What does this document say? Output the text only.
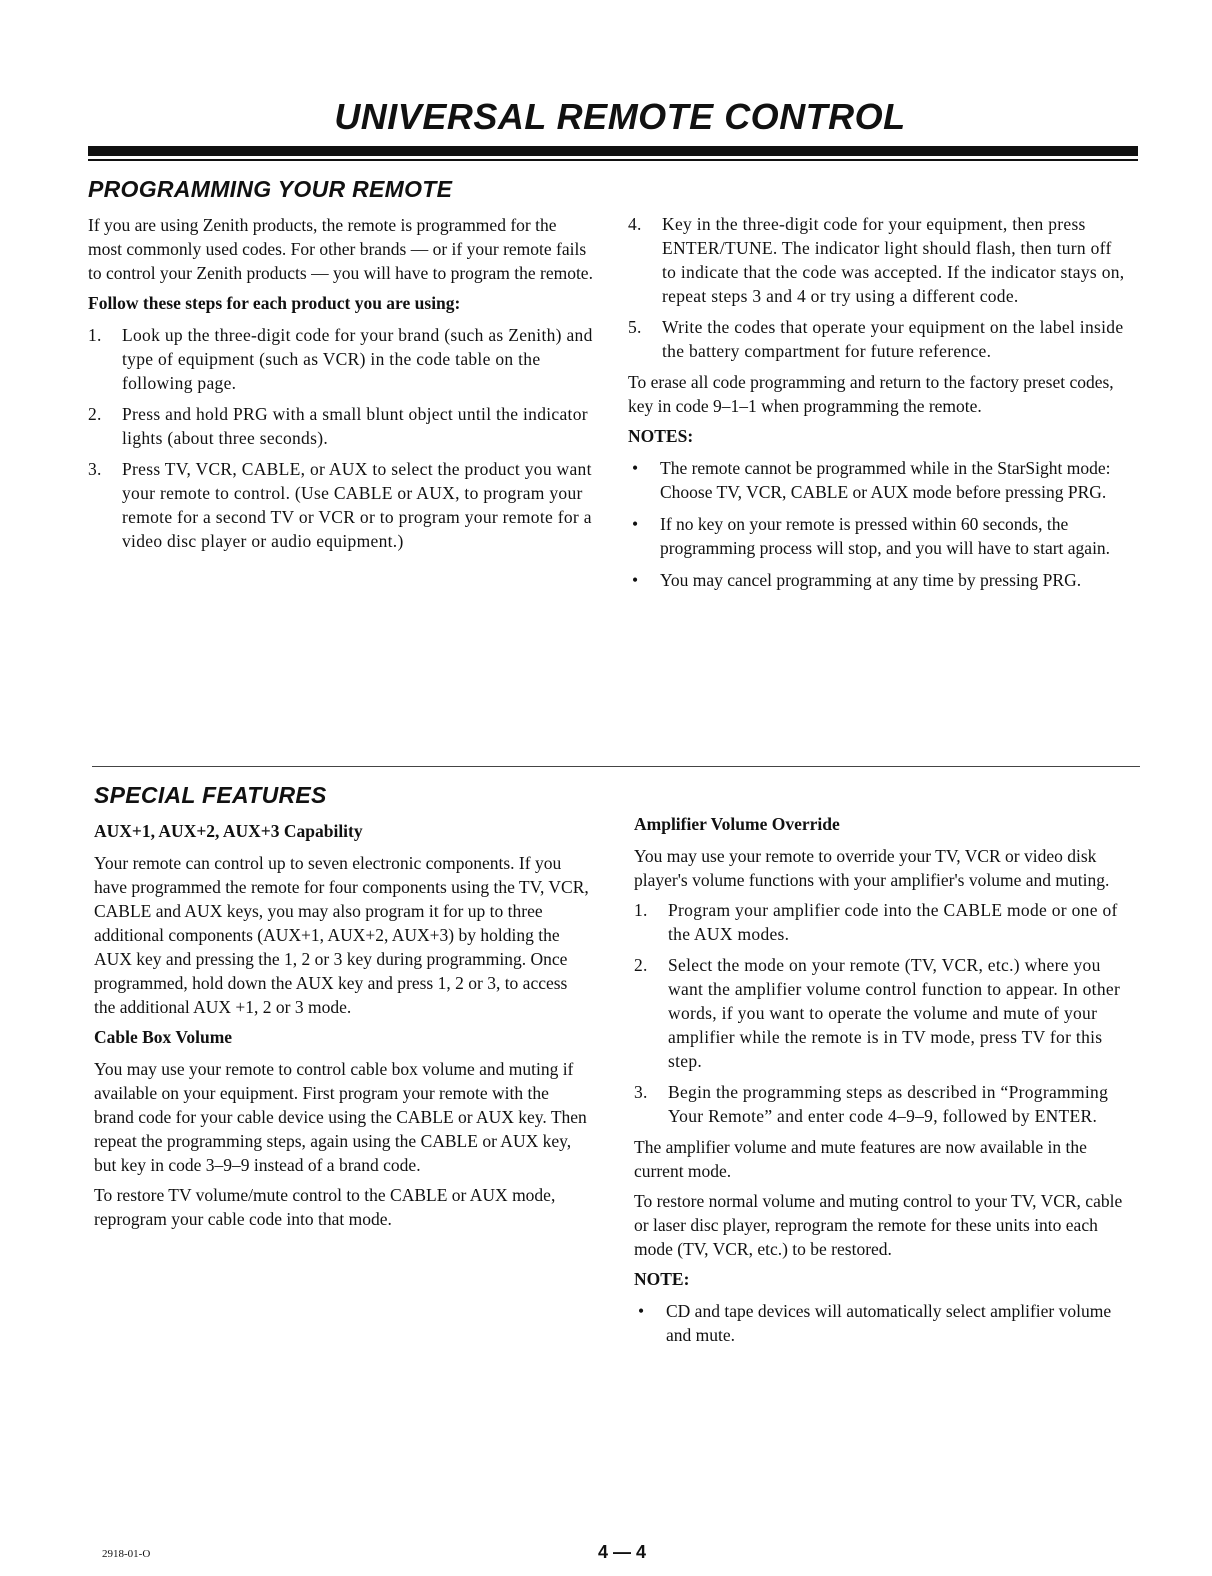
UNIVERSAL REMOTE CONTROL
PROGRAMMING YOUR REMOTE

If you are using Zenith products, the remote is programmed for the most commonly used codes. For other brands — or if your remote fails to control your Zenith products — you will have to program the remote.

Follow these steps for each product you are using:

1.	Look up the three-digit code for your brand (such as Zenith) and type of equipment (such as VCR) in the code table on the following page.
2.	Press and hold PRG with a small blunt object until the indicator lights (about three seconds).
3.	Press TV, VCR, CABLE, or AUX to select the product you want your remote to control. (Use CABLE or AUX, to program your remote for a second TV or VCR or to program your remote for a video disc player or audio equipment.)
4.	Key in the three-digit code for your equipment, then press ENTER/TUNE. The indicator light should flash, then turn off to indicate that the code was accepted. If the indicator stays on, repeat steps 3 and 4 or try using a different code.
5.	Write the codes that operate your equipment on the label inside the battery compartment for future reference.

To erase all code programming and return to the factory preset codes, key in code 9–1–1 when programming the remote.

NOTES:

•	The remote cannot be programmed while in the StarSight mode: Choose TV, VCR, CABLE or AUX mode before pressing PRG.
•	If no key on your remote is pressed within 60 seconds, the programming process will stop, and you will have to start again.
•	You may cancel programming at any time by pressing PRG.
SPECIAL FEATURES

AUX+1, AUX+2, AUX+3 Capability

Your remote can control up to seven electronic components. If you have programmed the remote for four components using the TV, VCR, CABLE and AUX keys, you may also program it for up to three additional components (AUX+1, AUX+2, AUX+3) by holding the AUX key and pressing the 1, 2 or 3 key during programming. Once programmed, hold down the AUX key and press 1, 2 or 3, to access the additional AUX +1, 2 or 3 mode.

Cable Box Volume

You may use your remote to control cable box volume and muting if available on your equipment. First program your remote with the brand code for your cable device using the CABLE or AUX key. Then repeat the programming steps, again using the CABLE or AUX key, but key in code 3–9–9 instead of a brand code.

To restore TV volume/mute control to the CABLE or AUX mode, reprogram your cable code into that mode.

Amplifier Volume Override

You may use your remote to override your TV, VCR or video disk player's volume functions with your amplifier's volume and muting.

1.	Program your amplifier code into the CABLE mode or one of the AUX modes.
2.	Select the mode on your remote (TV, VCR, etc.) where you want the amplifier volume control function to appear. In other words, if you want to operate the volume and mute of your amplifier while the remote is in TV mode, press TV for this step.
3.	Begin the programming steps as described in “Programming Your Remote” and enter code 4–9–9, followed by ENTER.

The amplifier volume and mute features are now available in the current mode.

To restore normal volume and muting control to your TV, VCR, cable or laser disc player, reprogram the remote for these units into each mode (TV, VCR, etc.) to be restored.

NOTE:

•	CD and tape devices will automatically select amplifier volume and mute.
2918-01-O	4 — 4
